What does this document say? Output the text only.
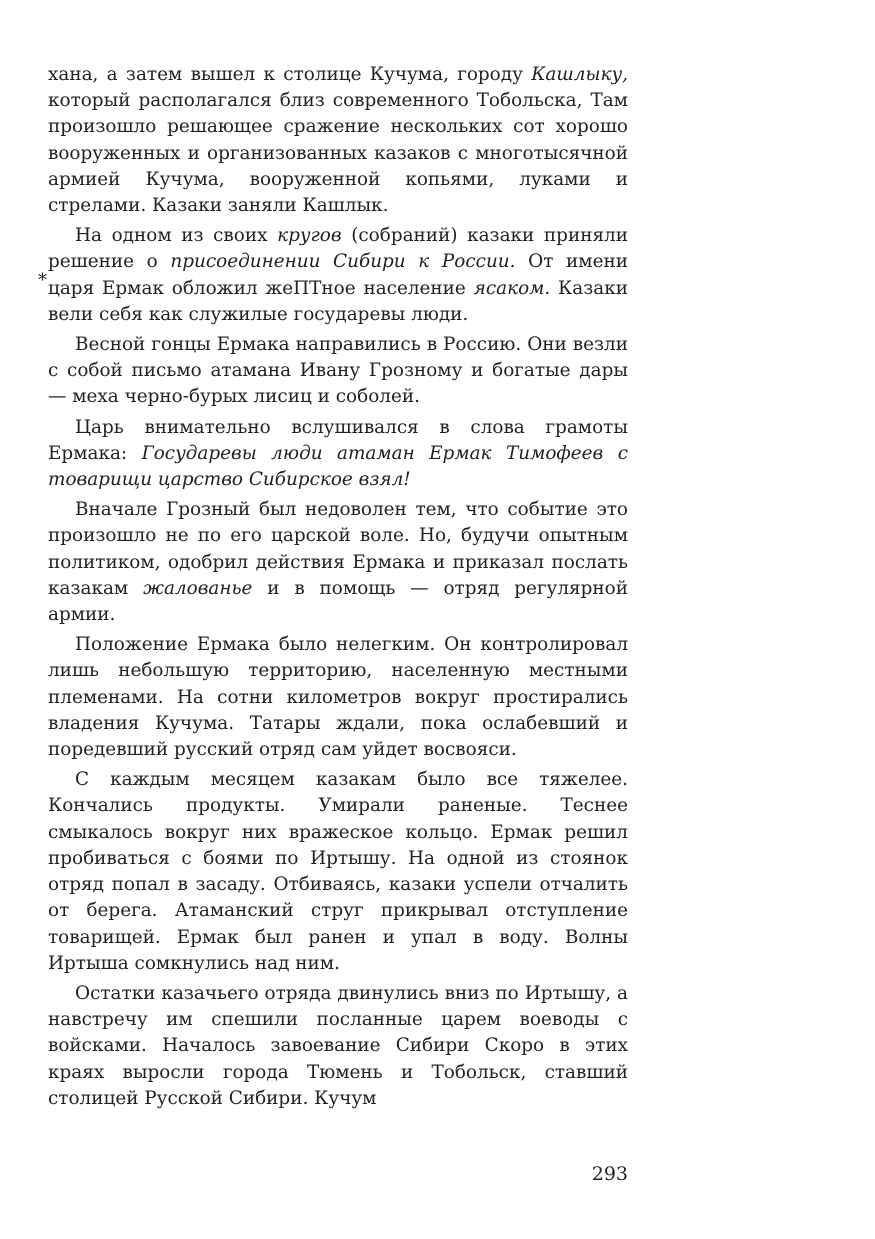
хана, а затем вышел к столице Кучума, городу Кашлыку, который располагался близ современного Тобольска, Там произошло решающее сражение нескольких сот хорошо вооруженных и организованных казаков с многотысячной армией Кучума, вооруженной копьями, луками и стрелами. Казаки заняли Кашлык.

На одном из своих кругов (собраний) казаки приняли решение о присоединении Сибири к России. От имени царя Ермак обложил жеПТное население ясаком. Казаки вели себя как служилые государевы люди.

Весной гонцы Ермака направились в Россию. Они везли с собой письмо атамана Ивану Грозному и богатые дары — меха черно-бурых лисиц и соболей.

Царь внимательно вслушивался в слова грамоты Ермака: Государевы люди атаман Ермак Тимофеев с товарищи царство Сибирское взял!

Вначале Грозный был недоволен тем, что событие это произошло не по его царской воле. Но, будучи опытным политиком, одобрил действия Ермака и приказал послать казакам жалованье и в помощь — отряд регулярной армии.

Положение Ермака было нелегким. Он контролировал лишь небольшую территорию, населенную местными племенами. На сотни километров вокруг простирались владения Кучума. Татары ждали, пока ослабевший и поредевший русский отряд сам уйдет восвояси.

С каждым месяцем казакам было все тяжелее. Кончались продукты. Умирали раненые. Теснее смыкалось вокруг них вражеское кольцо. Ермак решил пробиваться с боями по Иртышу. На одной из стоянок отряд попал в засаду. Отбиваясь, казаки успели отчалить от берега. Атаманский струг прикрывал отступление товарищей. Ермак был ранен и упал в воду. Волны Иртыша сомкнулись над ним.

Остатки казачьего отряда двинулись вниз по Иртышу, а навстречу им спешили посланные царем воеводы с войсками. Началось завоевание Сибири Скоро в этих краях выросли города Тюмень и Тобольск, ставший столицей Русской Сибири. Кучум

*
293
